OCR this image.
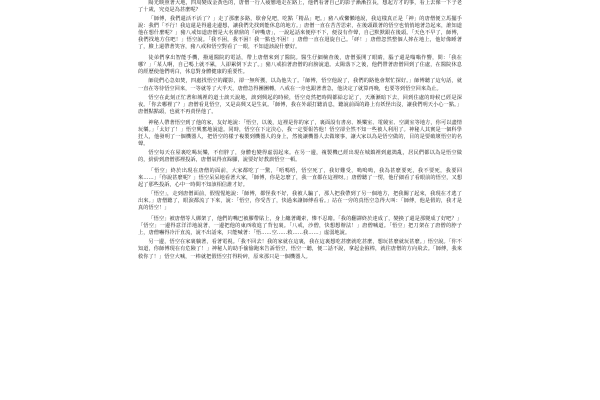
陽光映照著大地，四周變成金黃色的，唐僧一行人疲憊地走在路上，他們看著自己的影子漸漸拉長，想起方才的事，看上去像一下子老了十歲，究竟是為甚麼呢？

「師傅，我們還活不活了？」走了那麼多路，歇會兒吧，吃點「精品」吧。」豬八戒懶懶地說，我這樣真正是「神」的唐僧便立馬擺手說：我們「不行！我這還是得邊走邊想，讓我們先找到能休息的地方。」唐僧一直在苦苦思索，在後頭跟著的悟空也悄悄地著急起來，誰知道他在想什麼呢？」豬八戒知道唐僧是大名鼎鼎的「碎嘴唐」，一說起話來便停不下，便沒有作聲，自己默默跟在後頭。「天色不早了，師傅，我們找地方住吧！」悟空說。「我不困，我不困！我一點也不困！」唐僧一直在迴旋自己。「砰！」唐僧忽然整個人摔在地上，他好像睡著了，臉上還帶著笑容，豬八戒和悟空對看了一眼，不知道該說什麼好。

徒弟們拿出智能手機，撥通醫院的電話，帶上唐僧來到了醫院。醫生仔細檢查後，唐僧張開了眼睛，腦子還是嗡嗡作響，問：「我在哪？」「某人啊，自己嗎上就不累，人卻累倒下去了。」豬八戒拍著唐僧的肩膀說道。太陽落下之後，他們帶著唐僧回到了住處，在醫院休息的經歷使他們明白，休息對身體健康的重要性。

師徒們心急如焚，四處找悟空的蹤影，卻一無所獲，以為他失了。「師傅，悟空他說了，我們的路他會幫忙探好。」師傅聽了這句話，就一直在等待悟空回來，一等就等了大半天，唐僧急得團團轉，八戒在一旁也跟著著急，他決定了就算再晚，也要等到悟空回來為止。

悟空在此刻正忙著和城裡的道士談天說地，談到興起的時候，悟空竟然把時間都給忘記了，天漸漸暗下去，回到住處的時候已經是深夜。「你去哪裡了？」唐僧看見悟空，又是高興又是生氣。「師傅，我在外頭打聽消息，聽說前面的路上有妖怪出沒，讓我們明天小心一點。」唐僧點點頭，也就不再責怪他了。

神秘人帶著悟空到了他的家，友好地說：「悟空，以後，這裡是你的家了，裏面設有書房、娛樂室、電競室、空調室等地方，你可以盡情玩樂。」「太好了！」悟空興奮地說道。同時，悟空在下定決心，我一定要報答他！悟空卻全然不知一些被人利用了。神秘人其實是一個科學狂人，他發明了一個機器人，把悟空的樣子複製到機器人的身上，然後讓機器人去做壞事，讓大家以為是悟空做的，目的是要破壞悟空的名聲。

悟空每天在屋裏吃喝玩樂，不但胖了，身體也變得虛弱起來。在另一邊，複製機已經出現在城鎮裡到處搗亂，居民們都以為是悟空做的，紛紛到唐僧那裡投訴，唐僧氣得直跺腳，說要好好教訓悟空一頓。

「悟空」終於出現在唐僧的面前，大家都吃了一驚，「唔嗎唔，悟空死了，我好難受，嗚嗚嗚，我為甚麼要死，我不要死，我要回來……」「你說甚麼呢？」悟空呆呆地看著大家，「師傅，你是怎麼了，我一直都在這裡呀。」唐僧聽了一愣，他仔細看了看眼前的悟空，又想起了那些投訴，心中一時間不知該相信誰才好。

「悟空」，走到唐僧面前，假惺惺地說：「師傅，都怪我不好，我被人騙了，那人把我帶到了另一個地方，把我關了起來，我現在才逃了出來。」唐僧聽了，眼淚都流了下來，說：「悟空，你受苦了，快過來讓師傅看看。」站在一旁的真悟空急得大叫：「師傅，他是假的，我才是真的悟空！」

「悟空」被唐僧等人綁架了，他們的嘴巴被膠帶貼上，身上纏著繩索，慘不忍睹。「我的翻譯終於達成了，變換了還是那變成了好吧？」「悟空」一邊得意洋洋地說著，一邊把他的東西收進了背包裏。「八戒，沙僧，快想想辦法！」唐僧喊道。「悟空」把刀架在了唐僧的脖子上，唐僧嚇得冷汗直流，說不出話來，只能喊著：「悟……空……救……我……」虛弱地說。

另一邊，悟空在家裏躺著，看著電視。「我不回去！我的家就在這裏，我在這裏想吃甚麼就吃甚麼，想玩甚麼就玩甚麼。」悟空說。「你不知道，你師傅現在有危險了！」神秘人的助手偷偷跑來告訴悟空，悟空一聽，便二話不說，拿起金箍棒，就往唐僧的方向飛去。「師傅，我來救你了！」悟空大喊，一棒就把假悟空打得粉碎，原來那只是一個機器人。
